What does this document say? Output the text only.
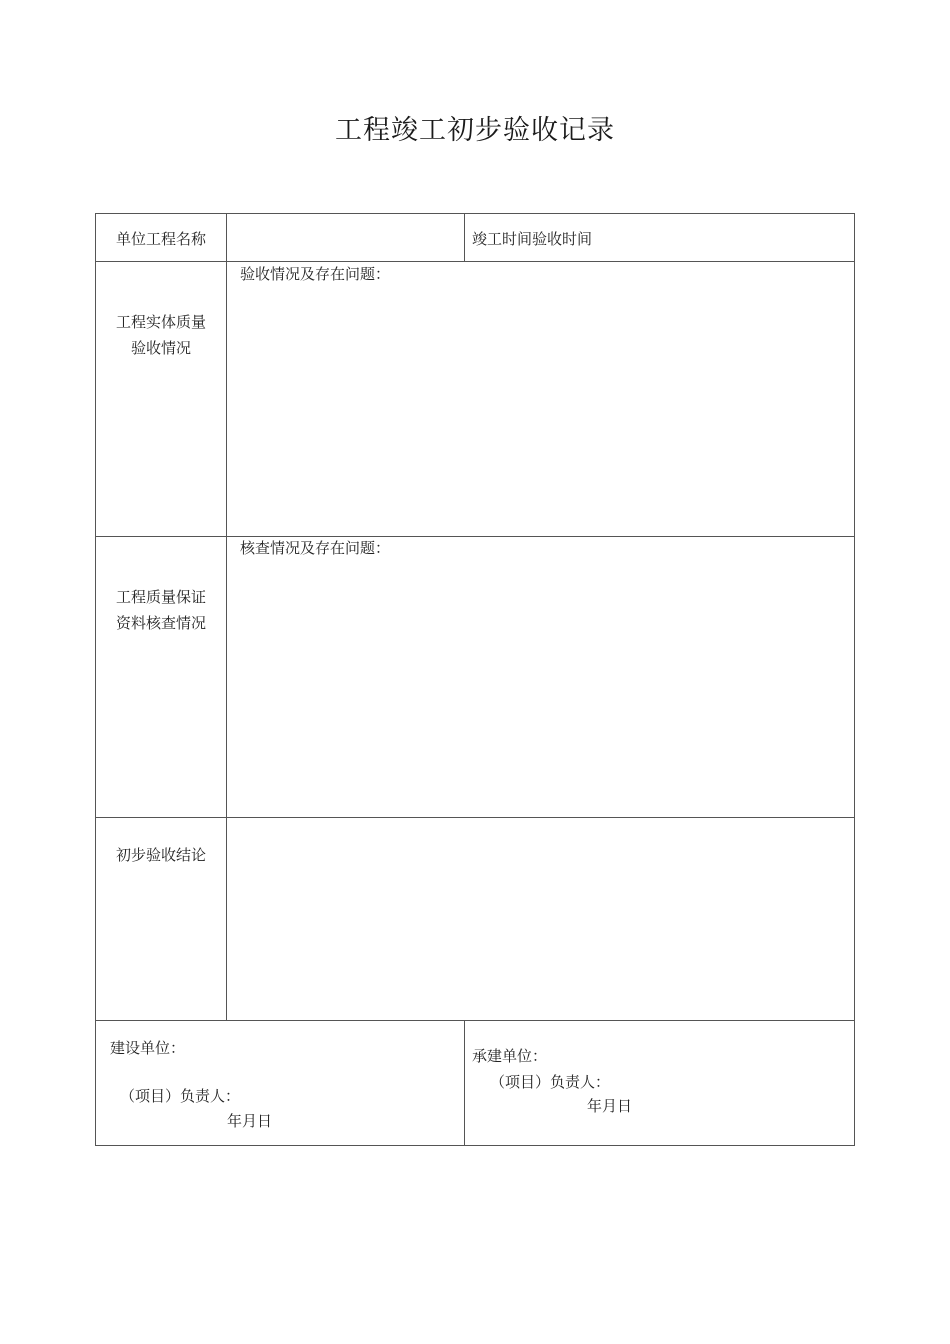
工程竣工初步验收记录
单位工程名称	竣工时间验收时间
工程实体质量
验收情况
验收情况及存在问题：
工程质量保证
资料核查情况
核查情况及存在问题：
初步验收结论
建设单位：
（项目）负责人：
年月日
承建单位：
（项目）负责人：
年月日
